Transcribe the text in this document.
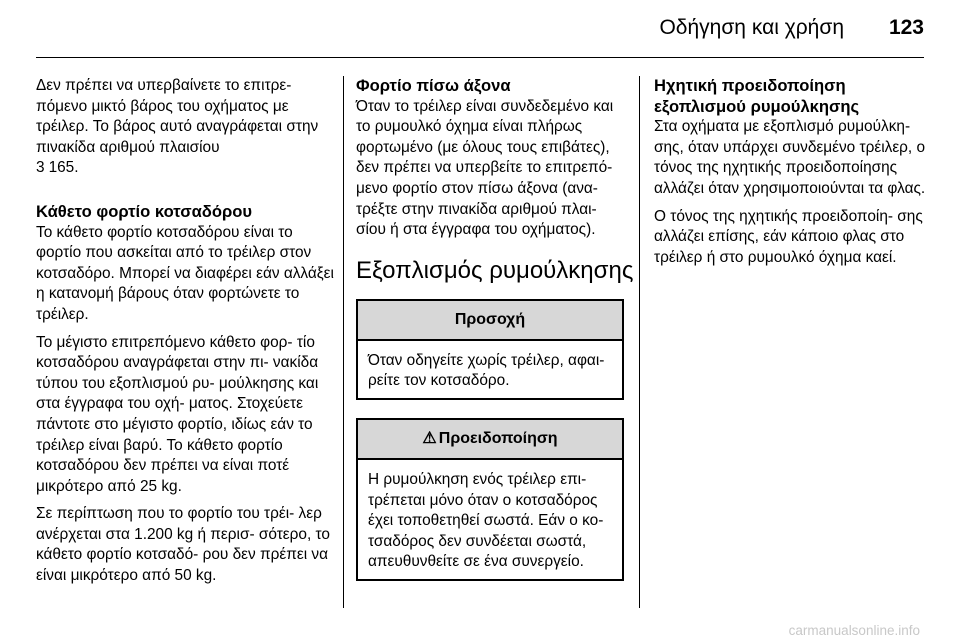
Οδήγηση και χρήση 123

Δεν πρέπει να υπερβαίνετε το επιτρε- πόμενο μικτό βάρος του οχήματος με τρέιλερ. Το βάρος αυτό αναγράφεται στην πινακίδα αριθμού πλαισίου
3 165.

Κάθετο φορτίο κοτσαδόρου

Το κάθετο φορτίο κοτσαδόρου είναι το φορτίο που ασκείται από το τρέιλερ στον κοτσαδόρο. Μπορεί να διαφέρει εάν αλλάξει η κατανομή βάρους όταν φορτώνετε το τρέιλερ.

Το μέγιστο επιτρεπόμενο κάθετο φορ- τίο κοτσαδόρου αναγράφεται στην πι- νακίδα τύπου του εξοπλισμού ρυ- μούλκησης και στα έγγραφα του οχή- ματος. Στοχεύετε πάντοτε στο μέγιστο φορτίο, ιδίως εάν το τρέιλερ είναι βαρύ. Το κάθετο φορτίο κοτσαδόρου δεν πρέπει να είναι ποτέ μικρότερο από 25 kg.

Σε περίπτωση που το φορτίο του τρέι- λερ ανέρχεται στα 1.200 kg ή περισ- σότερο, το κάθετο φορτίο κοτσαδό- ρου δεν πρέπει να είναι μικρότερο από 50 kg.

Φορτίο πίσω άξονα

Όταν το τρέιλερ είναι συνδεδεμένο και το ρυμουλκό όχημα είναι πλήρως φορτωμένο (με όλους τους επιβάτες), δεν πρέπει να υπερβείτε το επιτρεπό- μενο φορτίο στον πίσω άξονα (ανα- τρέξτε στην πινακίδα αριθμού πλαι- σίου ή στα έγγραφα του οχήματος).

Εξοπλισμός ρυμούλκησης
Προσοχή
Όταν οδηγείτε χωρίς τρέιλερ, αφαι- ρείτε τον κοτσαδόρο.
⚠ Προειδοποίηση
Η ρυμούλκηση ενός τρέιλερ επι- τρέπεται μόνο όταν ο κοτσαδόρος έχει τοποθετηθεί σωστά. Εάν ο κο- τσαδόρος δεν συνδέεται σωστά, απευθυνθείτε σε ένα συνεργείο.
Ηχητική προειδοποίηση εξοπλισμού ρυμούλκησης

Στα οχήματα με εξοπλισμό ρυμούλκη- σης, όταν υπάρχει συνδεμένο τρέιλερ, ο τόνος της ηχητικής προειδοποίησης αλλάζει όταν χρησιμοποιούνται τα φλας.

Ο τόνος της ηχητικής προειδοποίη- σης αλλάζει επίσης, εάν κάποιο φλας στο τρέιλερ ή στο ρυμουλκό όχημα καεί.

carmanualsonline.info
